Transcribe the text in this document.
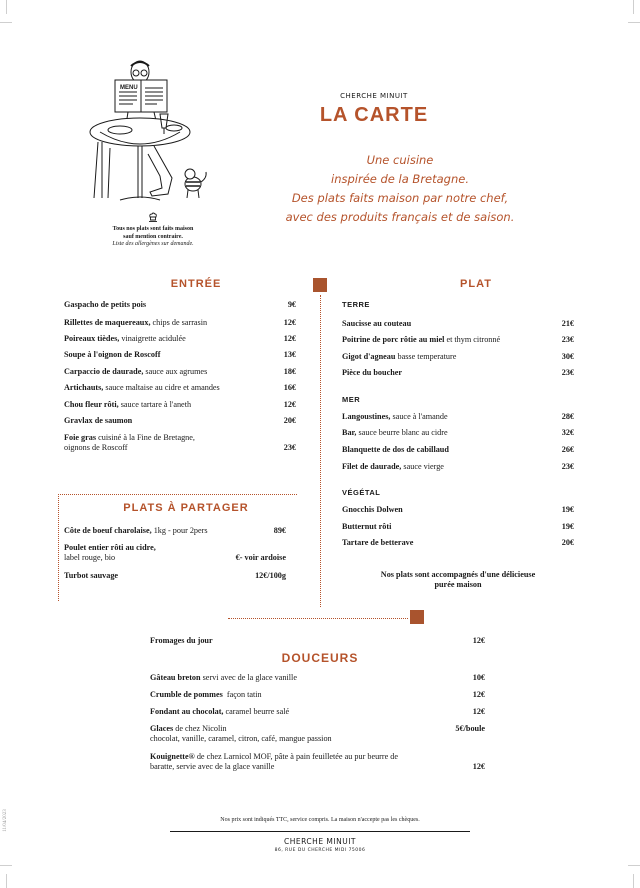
MENU
Tous nos plats sont faits maison
sauf mention contraire.
Liste des allergènes sur demande.
CHERCHE MINUIT
LA CARTE
Une cuisine
inspirée de la Bretagne.
Des plats faits maison par notre chef,
avec des produits français et de saison.
ENTRÉE
Gaspacho de petits pois	9€
Rillettes de maquereaux, chips de sarrasin	12€
Poireaux tièdes, vinaigrette acidulée	12€
Soupe à l'oignon de Roscoff	13€
Carpaccio de daurade, sauce aux agrumes	18€
Artichauts, sauce maltaise au cidre et amandes	16€
Chou fleur rôti, sauce tartare à l'aneth	12€
Gravlax de saumon	20€
Foie gras cuisiné à la Fine de Bretagne,
oignons de Roscoff	23€
PLATS À PARTAGER
Côte de boeuf charolaise, 1kg - pour 2pers	89€
Poulet entier rôti au cidre,
label rouge, bio	€- voir ardoise
Turbot sauvage	12€/100g
PLAT
TERRE
Saucisse au couteau	21€
Poitrine de porc rôtie au miel et thym citronné	23€
Gigot d'agneau basse temperature	30€
Pièce du boucher	23€
MER
Langoustines, sauce à l'amande	28€
Bar, sauce beurre blanc au cidre	32€
Blanquette de dos de cabillaud	26€
Filet de daurade, sauce vierge	23€
VÉGÉTAL
Gnocchis Dolwen	19€
Butternut rôti	19€
Tartare de betterave	20€
Nos plats sont accompagnés d'une délicieuse
purée maison
Fromages du jour	12€
DOUCEURS
Gâteau breton servi avec de la glace vanille	10€
Crumble de pommes  façon tatin	12€
Fondant au chocolat, caramel beurre salé	12€
Glaces de chez Nicolin
chocolat, vanille, caramel, citron, café, mangue passion
5€/boule
Kouignette® de chez Larnicol MOF, pâte à pain feuilletée au pur beurre de
baratte, servie avec de la glace vanille	12€
11/04/2023	Nos prix sont indiqués TTC, service compris. La maison n'accepte pas les chèques.
CHERCHE MINUIT
86, RUE DU CHERCHE MIDI 75006
